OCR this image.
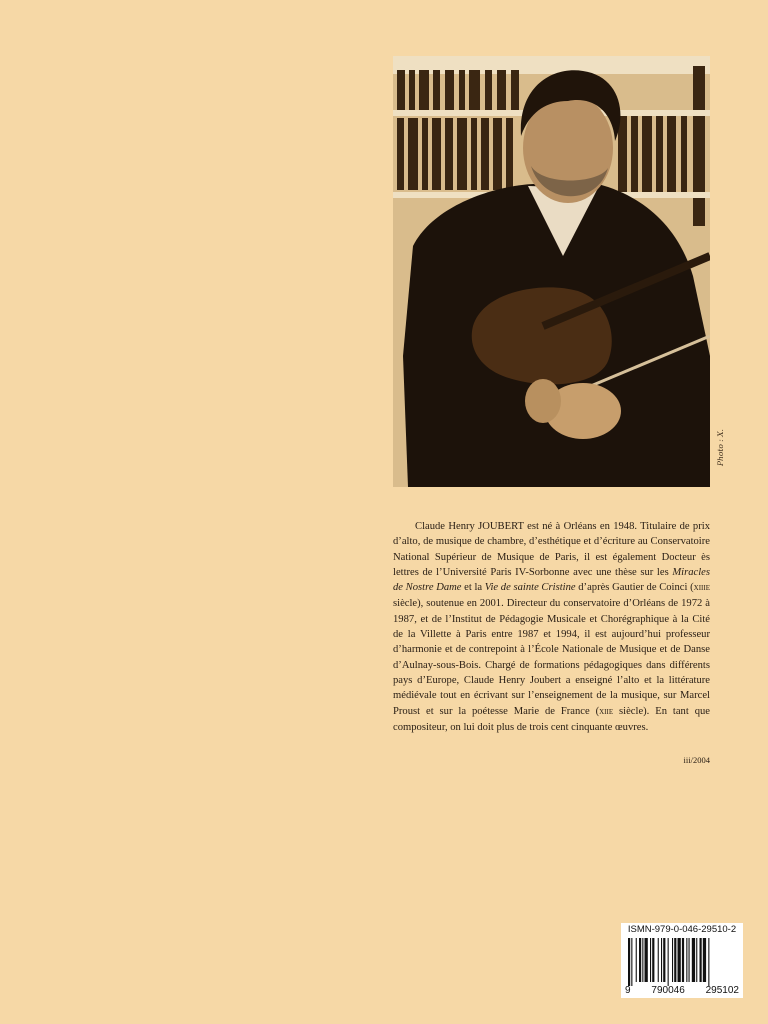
Photo : X.
Claude Henry JOUBERT est né à Orléans en 1948. Titulaire de prix d’alto, de musique de chambre, d’esthétique et d’écriture au Conservatoire National Supérieur de Musique de Paris, il est également Docteur ès lettres de l’Université Paris IV-Sorbonne avec une thèse sur les Miracles de Nostre Dame et la Vie de sainte Cristine d’après Gautier de Coinci (xiiie siècle), soutenue en 2001. Directeur du conservatoire d’Orléans de 1972 à 1987, et de l’Institut de Pédagogie Musicale et Chorégraphique à la Cité de la Villette à Paris entre 1987 et 1994, il est aujourd’hui professeur d’harmonie et de contrepoint à l’École Nationale de Musique et de Danse d’Aulnay-sous-Bois. Chargé de formations pédagogiques dans différents pays d’Europe, Claude Henry Joubert a enseigné l’alto et la littérature médiévale tout en écrivant sur l’enseignement de la musique, sur Marcel Proust et sur la poétesse Marie de France (xiie siècle). En tant que compositeur, on lui doit plus de trois cent cinquante œuvres.
iii/2004
ISMN-979-0-046-29510-2
9 790046 295102
